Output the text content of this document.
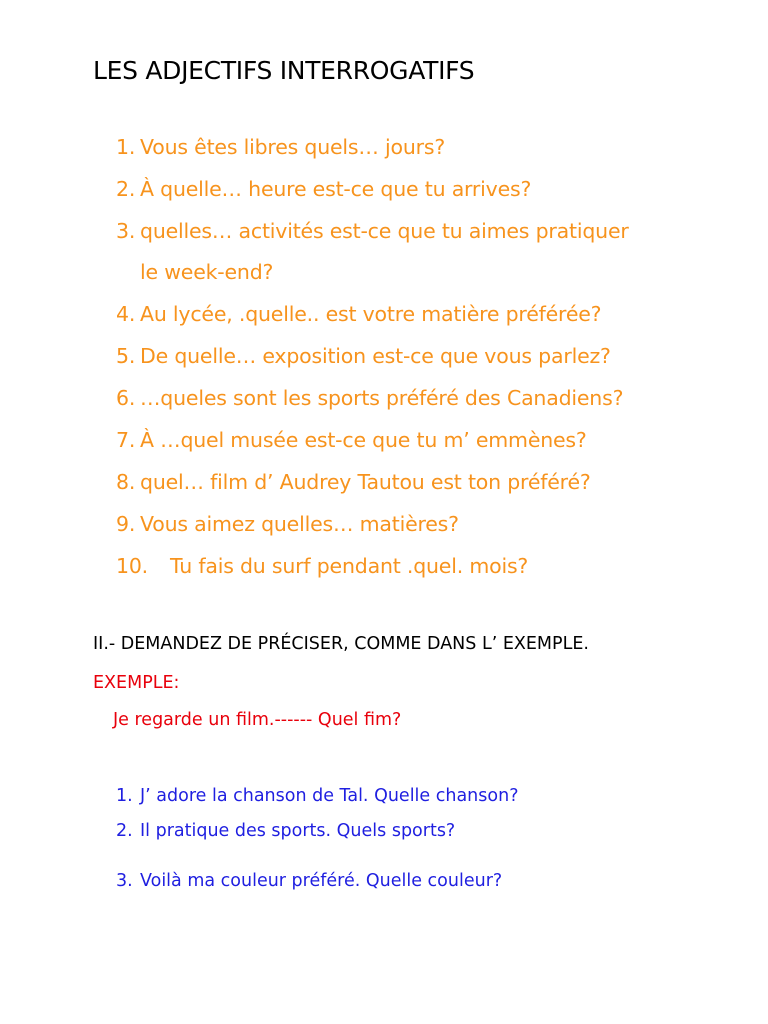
LES ADJECTIFS INTERROGATIFS
1. Vous êtes libres quels… jours?
2. À quelle… heure est-ce que tu arrives?
3. quelles… activités est-ce que tu aimes pratiquer
le week-end?
4. Au lycée, .quelle.. est votre matière préférée?
5. De quelle… exposition est-ce que vous parlez?
6. …queles sont les sports préféré des Canadiens?
7. À …quel musée est-ce que tu m’ emmènes?
8. quel… film d’ Audrey Tautou est ton préféré?
9. Vous aimez quelles… matières?
10. Tu fais du surf pendant .quel. mois?
II.- DEMANDEZ DE PRÉCISER, COMME DANS L’ EXEMPLE.
EXEMPLE:
Je regarde un film.------ Quel fim?
1. J’ adore la chanson de Tal. Quelle chanson?
2. Il pratique des sports. Quels sports?
3. Voilà ma couleur préféré. Quelle couleur?
